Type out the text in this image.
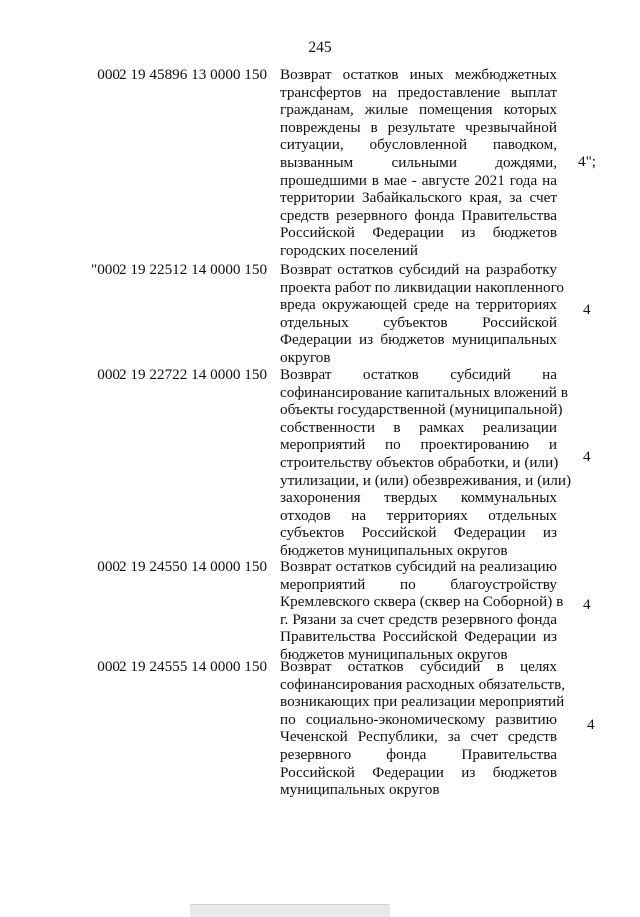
245
000 2 19 45896 13 0000 150 Возврат остатков иных межбюджетных
трансфертов на предоставление выплат
гражданам, жилые помещения которых
повреждены в результате чрезвычайной
ситуации, обусловленной паводком,
вызванным сильными дождями,
прошедшими в мае - августе 2021 года на
территории Забайкальского края, за счет
средств резервного фонда Правительства
Российской Федерации из бюджетов
городских поселений
4";
"000 2 19 22512 14 0000 150 Возврат остатков субсидий на разработку
проекта работ по ликвидации накопленного
вреда окружающей среде на территориях
отдельных субъектов Российской
Федерации из бюджетов муниципальных
округов
4
000 2 19 22722 14 0000 150 Возврат остатков субсидий на
софинансирование капитальных вложений в
объекты государственной (муниципальной)
собственности в рамках реализации
мероприятий по проектированию и
строительству объектов обработки, и (или)
утилизации, и (или) обезвреживания, и (или)
захоронения твердых коммунальных
отходов на территориях отдельных
субъектов Российской Федерации из
бюджетов муниципальных округов
4
000 2 19 24550 14 0000 150 Возврат остатков субсидий на реализацию
мероприятий по благоустройству
Кремлевского сквера (сквер на Соборной) в
г. Рязани за счет средств резервного фонда
Правительства Российской Федерации из
бюджетов муниципальных округов
4
000 2 19 24555 14 0000 150 Возврат остатков субсидий в целях
софинансирования расходных обязательств,
возникающих при реализации мероприятий
по социально-экономическому развитию
Чеченской Республики, за счет средств
резервного фонда Правительства
Российской Федерации из бюджетов
муниципальных округов
4
